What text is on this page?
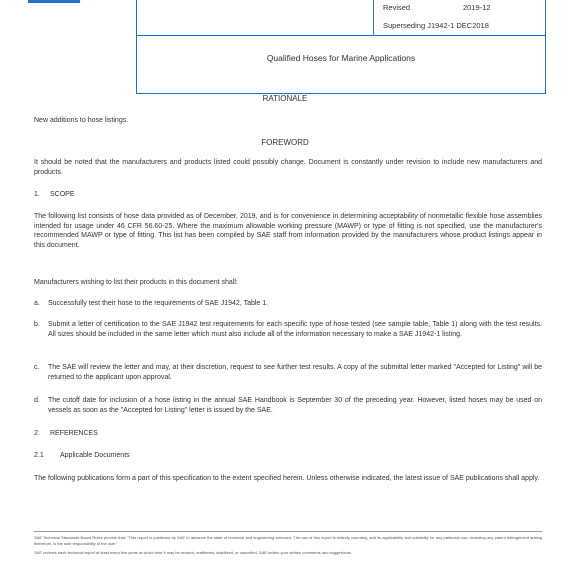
Revised	2019-12
Superseding J1942-1 DEC2018
Qualified Hoses for Marine Applications
RATIONALE
New additions to hose listings.
FOREWORD
It should be noted that the manufacturers and products listed could possibly change. Document is constantly under revision to include new manufacturers and products.
1. SCOPE
The following list consists of hose data provided as of December, 2019, and is for convenience in determining acceptability of nonmetallic flexible hose assemblies intended for usage under 46 CFR 56.60-25. Where the maximum allowable working pressure (MAWP) or type of fitting is not specified, use the manufacturer's recommended MAWP or type of fitting. This list has been compiled by SAE staff from information provided by the manufacturers whose product listings appear in this document.
Manufacturers wishing to list their products in this document shall:
a. Successfully test their hose to the requirements of SAE J1942, Table 1.
b. Submit a letter of certification to the SAE J1942 test requirements for each specific type of hose tested (see sample table, Table 1) along with the test results. All sizes should be included in the same letter which must also include all of the information necessary to make a SAE J1942-1 listing.
c. The SAE will review the letter and may, at their discretion, request to see further test results. A copy of the submittal letter marked "Accepted for Listing" will be returned to the applicant upon approval.
d. The cutoff date for inclusion of a hose listing in the annual SAE Handbook is September 30 of the preceding year. However, listed hoses may be used on vessels as soon as the "Accepted for Listing" letter is issued by the SAE.
2. REFERENCES
2.1 Applicable Documents
The following publications form a part of this specification to the extent specified herein. Unless otherwise indicated, the latest issue of SAE publications shall apply.
SAE Technical Standards Board Rules provide that: "This report is published by SAE to advance the state of technical and engineering sciences. The use of this report is entirely voluntary, and its applicability and suitability for any particular use, including any patent infringement arising therefrom, is the sole responsibility of the user."
SAE reviews each technical report at least every five years at which time it may be revised, reaffirmed, stabilized, or cancelled. SAE invites your written comments and suggestions.
